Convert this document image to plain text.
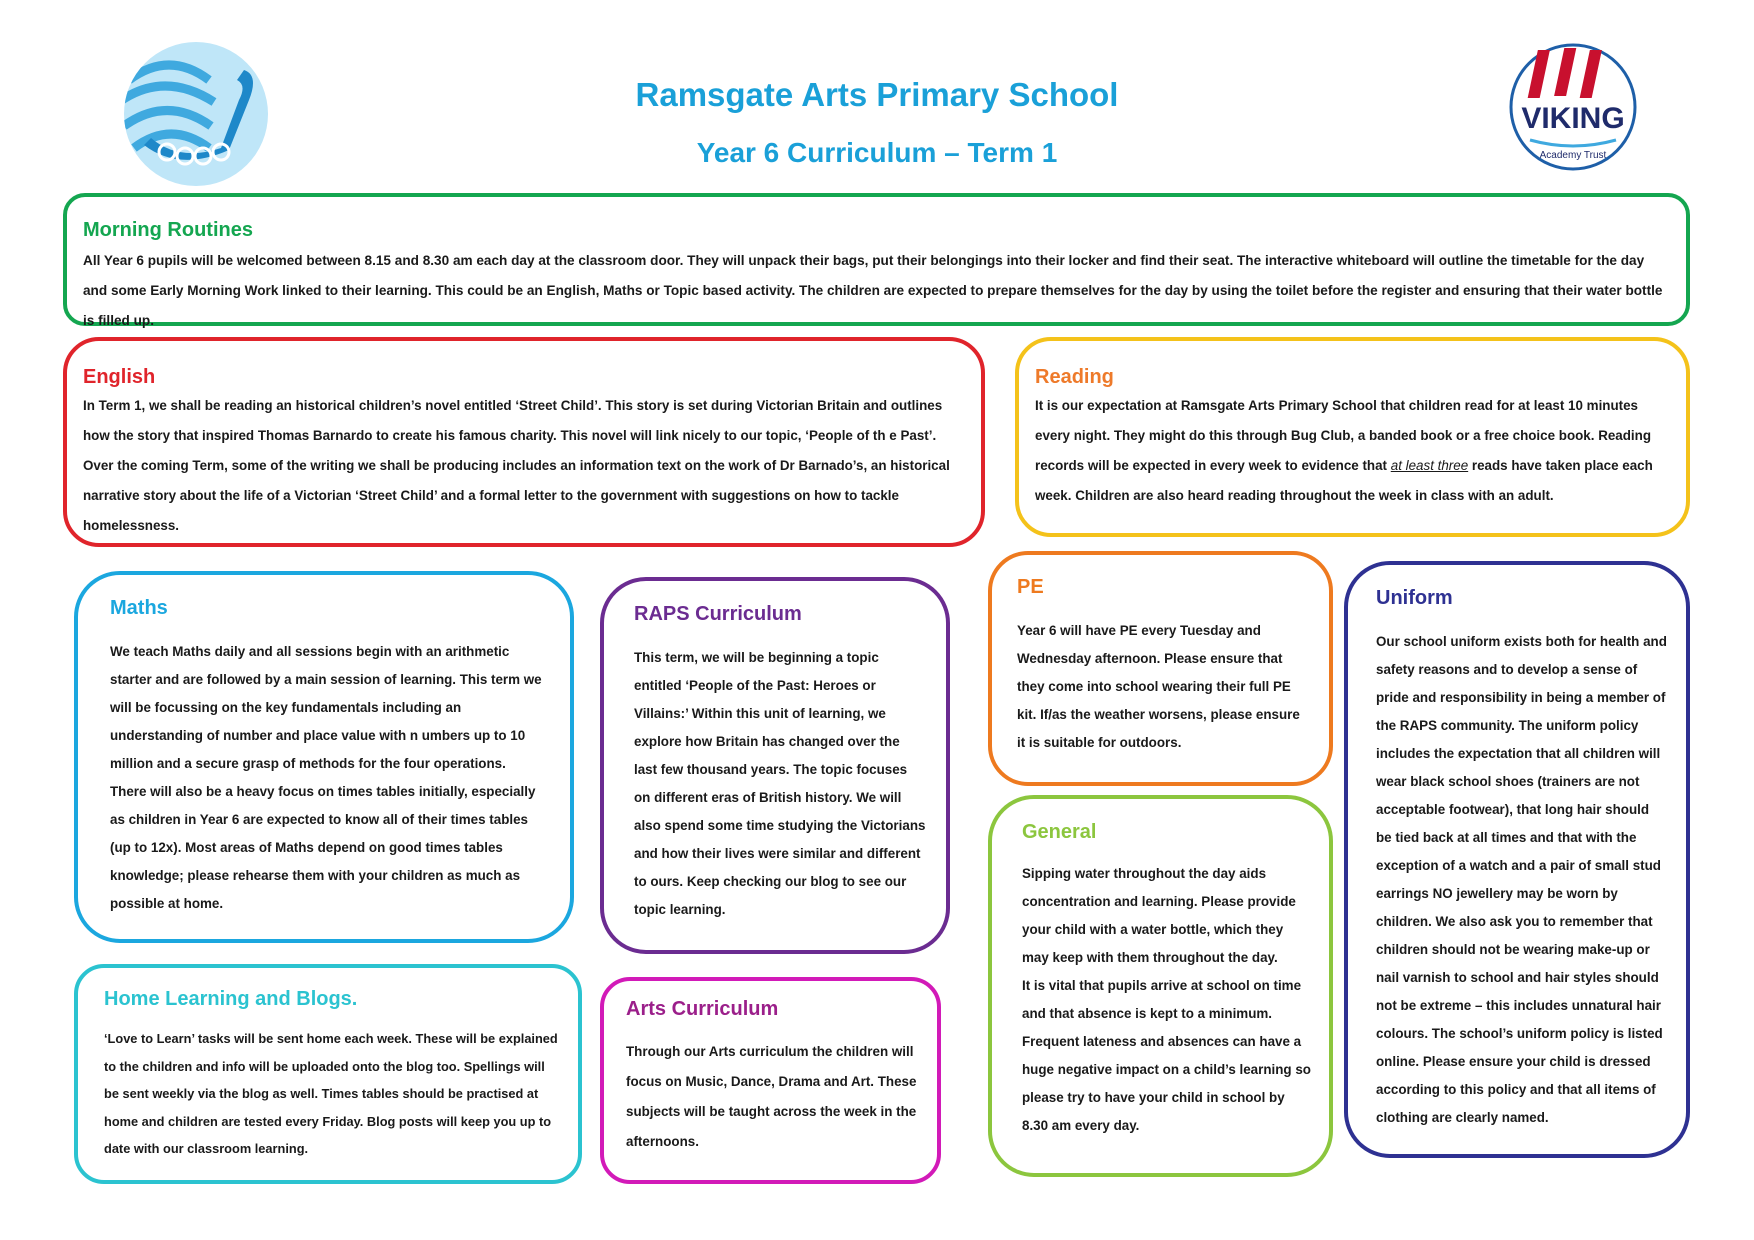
VIKING
Academy Trust
Ramsgate Arts Primary School
Year 6 Curriculum – Term 1
Morning Routines

All Year 6 pupils will be welcomed between 8.15 and 8.30 am each day at the classroom door. They will unpack their bags, put their belongings into their locker and find their seat. The interactive whiteboard will outline the timetable for the day and some Early Morning Work linked to their learning. This could be an English, Maths or Topic based activity. The children are expected to prepare themselves for the day by using the toilet before the register and ensuring that their water bottle is filled up.

English

In Term 1, we shall be reading an historical children’s novel entitled ‘Street Child’. This story is set during Victorian Britain and outlines how the story that inspired Thomas Barnardo to create his famous charity. This novel will link nicely to our topic, ‘People of th e Past’. Over the coming Term, some of the writing we shall be producing includes an information text on the work of Dr Barnado’s, an historical narrative story about the life of a Victorian ‘Street Child’ and a formal letter to the government with suggestions on how to tackle homelessness.

Reading

It is our expectation at Ramsgate Arts Primary School that children read for at least 10 minutes every night. They might do this through Bug Club, a banded book or a free choice book. Reading records will be expected in every week to evidence that at least three reads have taken place each week. Children are also heard reading throughout the week in class with an adult.

Maths

We teach Maths daily and all sessions begin with an arithmetic starter and are followed by a main session of learning. This term we will be focussing on the key fundamentals including an understanding of number and place value with n umbers up to 10 million and a secure grasp of methods for the four operations. There will also be a heavy focus on times tables initially, especially as children in Year 6 are expected to know all of their times tables (up to 12x). Most areas of Maths depend on good times tables knowledge; please rehearse them with your children as much as possible at home.

RAPS Curriculum

This term, we will be beginning a topic entitled ‘People of the Past: Heroes or Villains:’ Within this unit of learning, we explore how Britain has changed over the last few thousand years. The topic focuses on different eras of British history. We will also spend some time studying the Victorians and how their lives were similar and different to ours. Keep checking our blog to see our topic learning.

PE

Year 6 will have PE every Tuesday and Wednesday afternoon. Please ensure that they come into school wearing their full PE kit. If/as the weather worsens, please ensure it is suitable for outdoors.

General

Sipping water throughout the day aids concentration and learning. Please provide your child with a water bottle, which they may keep with them throughout the day.

It is vital that pupils arrive at school on time and that absence is kept to a minimum. Frequent lateness and absences can have a huge negative impact on a child’s learning so please try to have your child in school by 8.30 am every day.

Uniform

Our school uniform exists both for health and safety reasons and to develop a sense of pride and responsibility in being a member of the RAPS community. The uniform policy includes the expectation that all children will wear black school shoes (trainers are not acceptable footwear), that long hair should be tied back at all times and that with the exception of a watch and a pair of small stud earrings NO jewellery may be worn by children. We also ask you to remember that children should not be wearing make-up or nail varnish to school and hair styles should not be extreme – this includes unnatural hair colours. The school’s uniform policy is listed online. Please ensure your child is dressed according to this policy and that all items of clothing are clearly named.

Home Learning and Blogs.

‘Love to Learn’ tasks will be sent home each week. These will be explained to the children and info will be uploaded onto the blog too. Spellings will be sent weekly via the blog as well. Times tables should be practised at home and children are tested every Friday. Blog posts will keep you up to date with our classroom learning.

Arts Curriculum

Through our Arts curriculum the children will focus on Music, Dance, Drama and Art. These subjects will be taught across the week in the afternoons.
